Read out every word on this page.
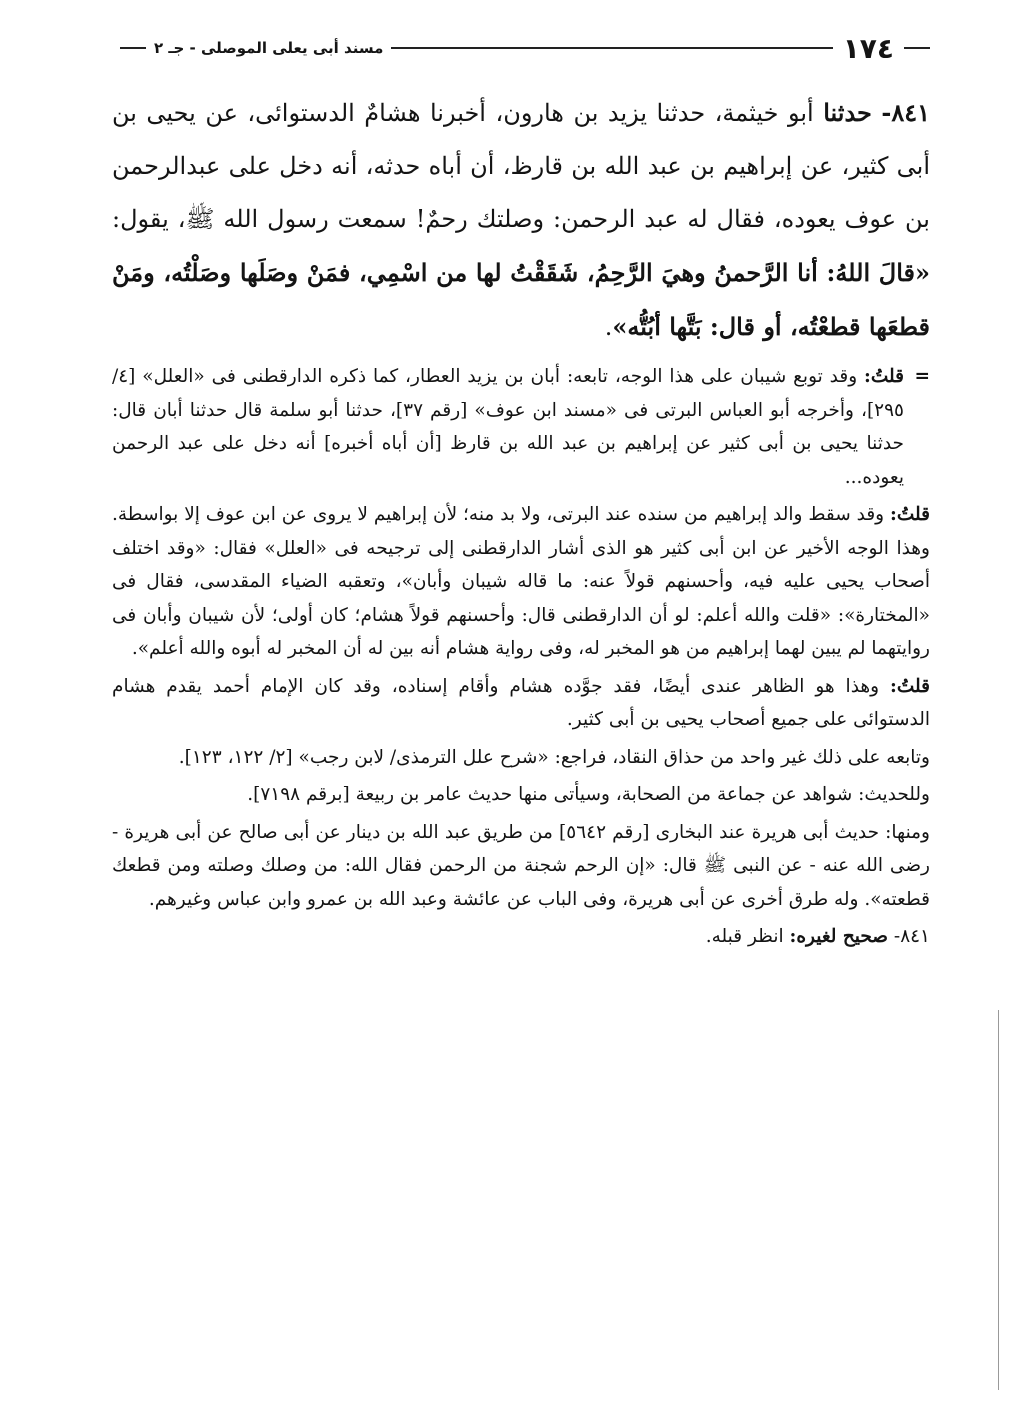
١٧٤
مسند أبى يعلى الموصلى - جـ ٢

٨٤١- حدثنا أبو خيثمة، حدثنا يزيد بن هارون، أخبرنا هشامٌ الدستوائى، عن يحيى بن أبى كثير، عن إبراهيم بن عبد الله بن قارظ، أن أباه حدثه، أنه دخل على عبدالرحمن بن عوف يعوده، فقال له عبد الرحمن: وصلتك رحمٌ! سمعت رسول الله ﷺ، يقول: «قالَ اللهُ: أنا الرَّحمنُ وهيَ الرَّحِمُ، شَقَقْتُ لها من اسْمِي، فمَنْ وصَلَها وصَلْتُه، ومَنْ قطعَها قطعْتُه، أو قال: بَتَّها أبُتُّه».

=
قلتُ: وقد توبع شيبان على هذا الوجه، تابعه: أبان بن يزيد العطار، كما ذكره الدارقطنى فى «العلل» [٤/ ٢٩٥]، وأخرجه أبو العباس البرتى فى «مسند ابن عوف» [رقم ٣٧]، حدثنا أبو سلمة قال حدثنا أبان قال: حدثنا يحيى بن أبى كثير عن إبراهيم بن عبد الله بن قارظ [أن أباه أخبره] أنه دخل على عبد الرحمن يعوده...

قلتُ: وقد سقط والد إبراهيم من سنده عند البرتى، ولا بد منه؛ لأن إبراهيم لا يروى عن ابن عوف إلا بواسطة. وهذا الوجه الأخير عن ابن أبى كثير هو الذى أشار الدارقطنى إلى ترجيحه فى «العلل» فقال: «وقد اختلف أصحاب يحيى عليه فيه، وأحسنهم قولاً عنه: ما قاله شيبان وأبان»، وتعقبه الضياء المقدسى، فقال فى «المختارة»: «قلت والله أعلم: لو أن الدارقطنى قال: وأحسنهم قولاً هشام؛ كان أولى؛ لأن شيبان وأبان فى روايتهما لم يبين لهما إبراهيم من هو المخبر له، وفى رواية هشام أنه بين له أن المخبر له أبوه والله أعلم».

قلتُ: وهذا هو الظاهر عندى أيضًا، فقد جوَّده هشام وأقام إسناده، وقد كان الإمام أحمد يقدم هشام الدستوائى على جميع أصحاب يحيى بن أبى كثير.

وتابعه على ذلك غير واحد من حذاق النقاد، فراجع: «شرح علل الترمذى/ لابن رجب» [٢/ ١٢٢، ١٢٣].

وللحديث: شواهد عن جماعة من الصحابة، وسيأتى منها حديث عامر بن ربيعة [برقم ٧١٩٨].

ومنها: حديث أبى هريرة عند البخارى [رقم ٥٦٤٢] من طريق عبد الله بن دينار عن أبى صالح عن أبى هريرة - رضى الله عنه - عن النبى ﷺ قال: «إن الرحم شجنة من الرحمن فقال الله: من وصلك وصلته ومن قطعك قطعته». وله طرق أخرى عن أبى هريرة، وفى الباب عن عائشة وعبد الله بن عمرو وابن عباس وغيرهم.

٨٤١- صحيح لغيره: انظر قبله.
